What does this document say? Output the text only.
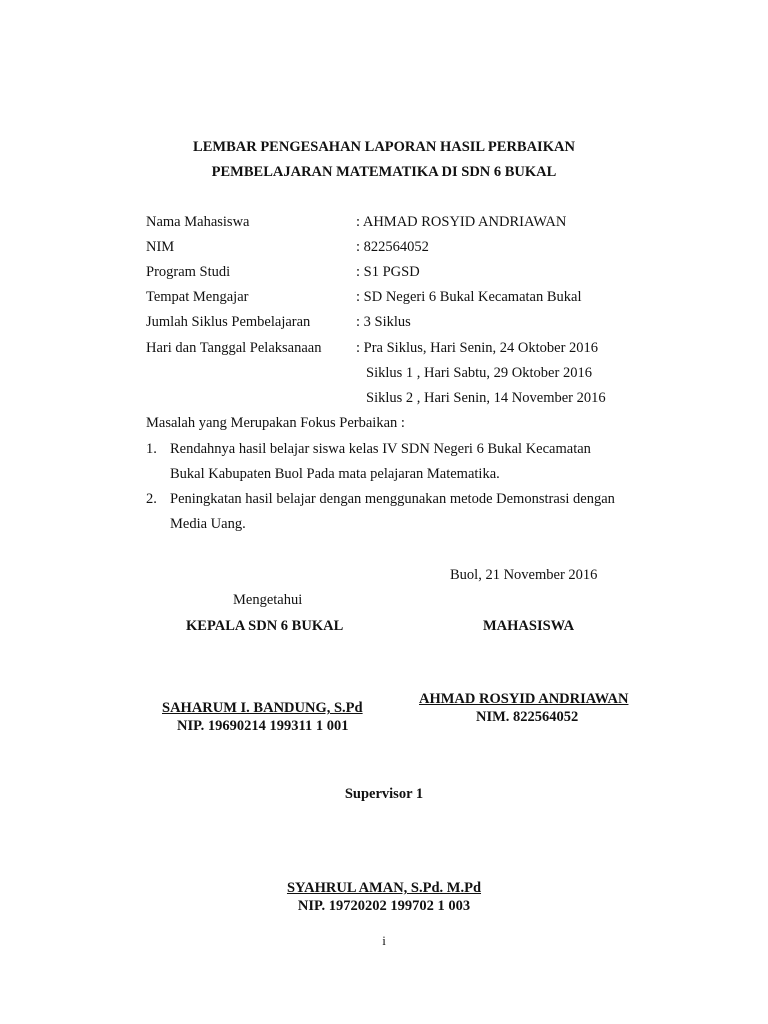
LEMBAR PENGESAHAN LAPORAN HASIL PERBAIKAN
PEMBELAJARAN MATEMATIKA DI SDN 6 BUKAL
Nama Mahasiswa	: AHMAD ROSYID ANDRIAWAN
NIM	: 822564052
Program Studi	: S1 PGSD
Tempat Mengajar	: SD Negeri 6 Bukal Kecamatan Bukal
Jumlah Siklus Pembelajaran	: 3 Siklus
Hari dan Tanggal Pelaksanaan : Pra Siklus, Hari Senin, 24 Oktober 2016
Siklus 1 , Hari Sabtu, 29 Oktober 2016
Siklus 2 , Hari Senin, 14 November 2016
Masalah yang Merupakan Fokus Perbaikan :
1. Rendahnya hasil belajar siswa kelas IV SDN Negeri 6 Bukal Kecamatan
Bukal Kabupaten Buol Pada mata pelajaran Matematika.
2. Peningkatan hasil belajar dengan menggunakan metode Demonstrasi dengan
Media Uang.
Buol, 21 November 2016
Mengetahui
KEPALA SDN 6 BUKAL
SAHARUM I. BANDUNG, S.Pd
NIP. 19690214 199311 1 001
MAHASISWA
AHMAD ROSYID ANDRIAWAN
NIM. 822564052
Supervisor 1
SYAHRUL AMAN, S.Pd. M.Pd
NIP. 19720202 199702 1 003
i
